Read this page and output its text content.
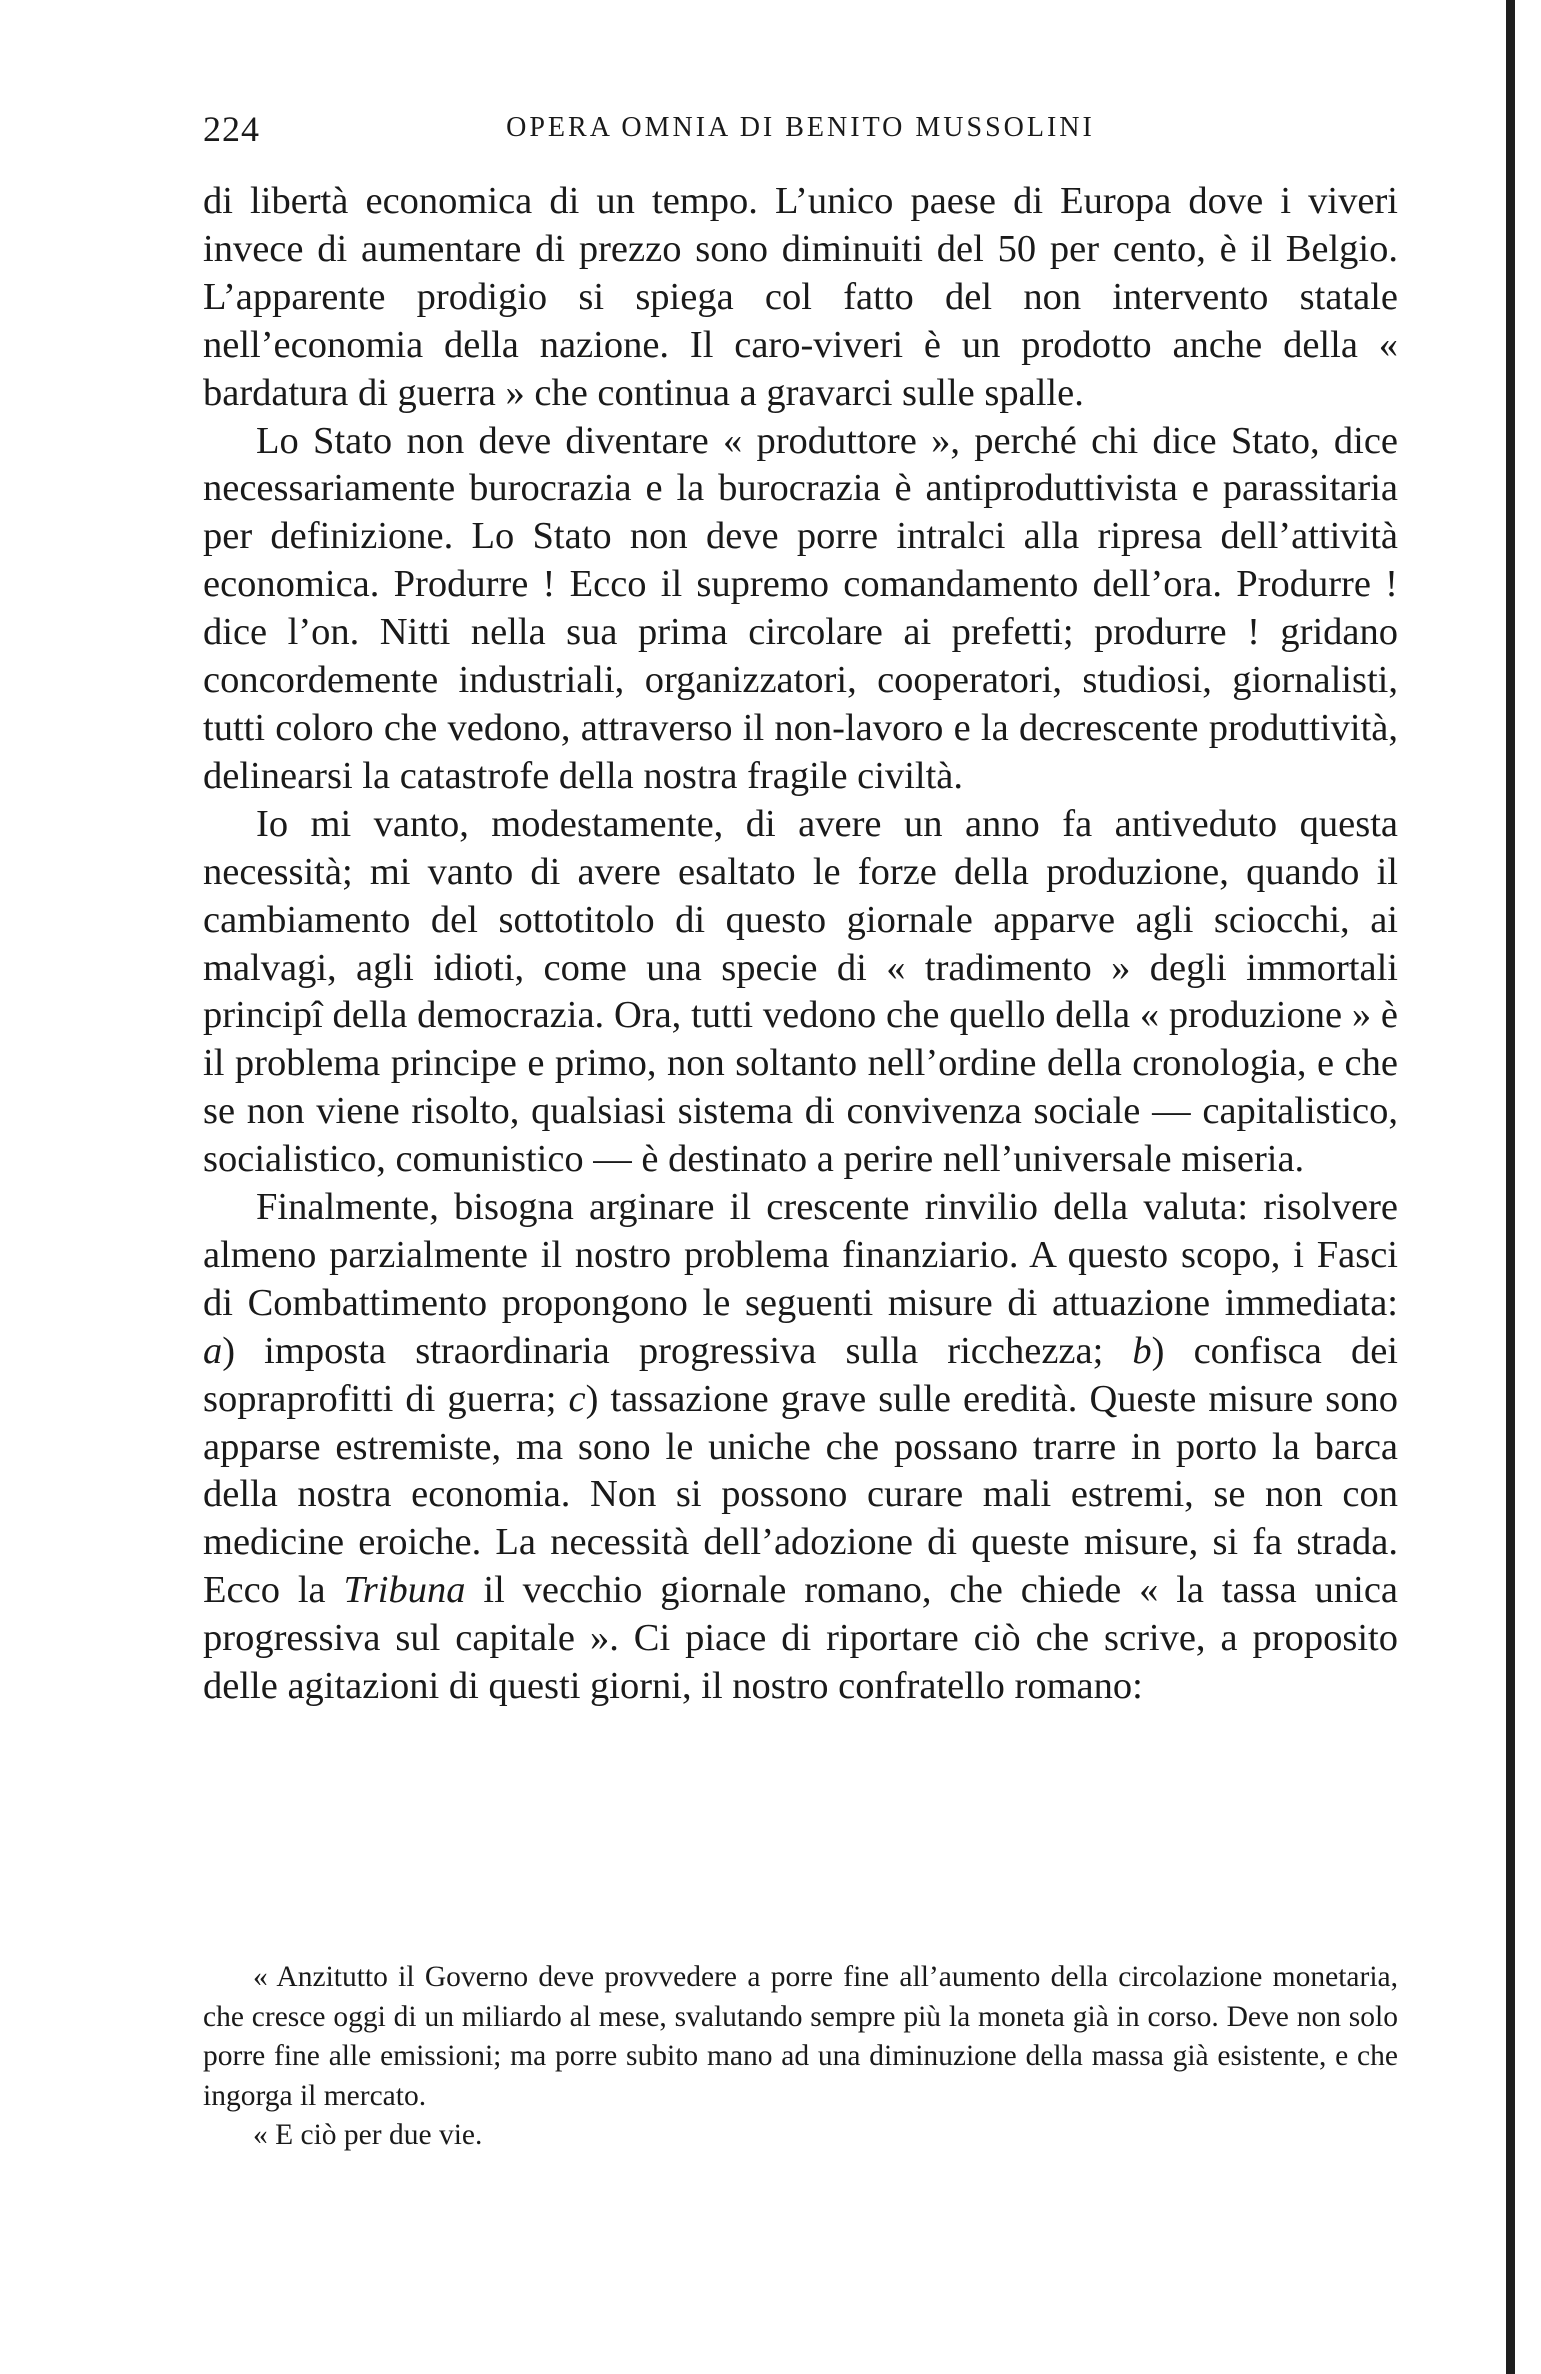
224	OPERA OMNIA DI BENITO MUSSOLINI

di libertà economica di un tempo. L’unico paese di Europa dove i viveri invece di aumentare di prezzo sono diminuiti del 50 per cento, è il Belgio. L’apparente prodigio si spiega col fatto del non intervento statale nell’economia della nazione. Il caro-viveri è un prodotto anche della « bardatura di guerra » che continua a gravarci sulle spalle.

Lo Stato non deve diventare « produttore », perché chi dice Stato, dice necessariamente burocrazia e la burocrazia è antiproduttivista e parassitaria per definizione. Lo Stato non deve porre intralci alla ripresa dell’attività economica. Produrre ! Ecco il supremo comandamento dell’ora. Produrre ! dice l’on. Nitti nella sua prima circolare ai prefetti; produrre ! gridano concordemente industriali, organizzatori, cooperatori, studiosi, giornalisti, tutti coloro che vedono, attraverso il non-lavoro e la decrescente produttività, delinearsi la catastrofe della nostra fragile civiltà.

Io mi vanto, modestamente, di avere un anno fa antiveduto questa necessità; mi vanto di avere esaltato le forze della produzione, quando il cambiamento del sottotitolo di questo giornale apparve agli sciocchi, ai malvagi, agli idioti, come una specie di « tradimento » degli immortali principî della democrazia. Ora, tutti vedono che quello della « produzione » è il problema principe e primo, non soltanto nell’ordine della cronologia, e che se non viene risolto, qualsiasi sistema di convivenza sociale — capitalistico, socialistico, comunistico — è destinato a perire nell’universale miseria.

Finalmente, bisogna arginare il crescente rinvilio della valuta: risolvere almeno parzialmente il nostro problema finanziario. A questo scopo, i Fasci di Combattimento propongono le seguenti misure di attuazione immediata: a) imposta straordinaria progressiva sulla ricchezza; b) confisca dei sopraprofitti di guerra; c) tassazione grave sulle eredità. Queste misure sono apparse estremiste, ma sono le uniche che possano trarre in porto la barca della nostra economia. Non si possono curare mali estremi, se non con medicine eroiche. La necessità dell’adozione di queste misure, si fa strada. Ecco la Tribuna il vecchio giornale romano, che chiede « la tassa unica progressiva sul capitale ». Ci piace di riportare ciò che scrive, a proposito delle agitazioni di questi giorni, il nostro confratello romano:

« Anzitutto il Governo deve provvedere a porre fine all’aumento della circolazione monetaria, che cresce oggi di un miliardo al mese, svalutando sempre più la moneta già in corso. Deve non solo porre fine alle emissioni; ma porre subito mano ad una diminuzione della massa già esistente, e che ingorga il mercato.

« E ciò per due vie.
